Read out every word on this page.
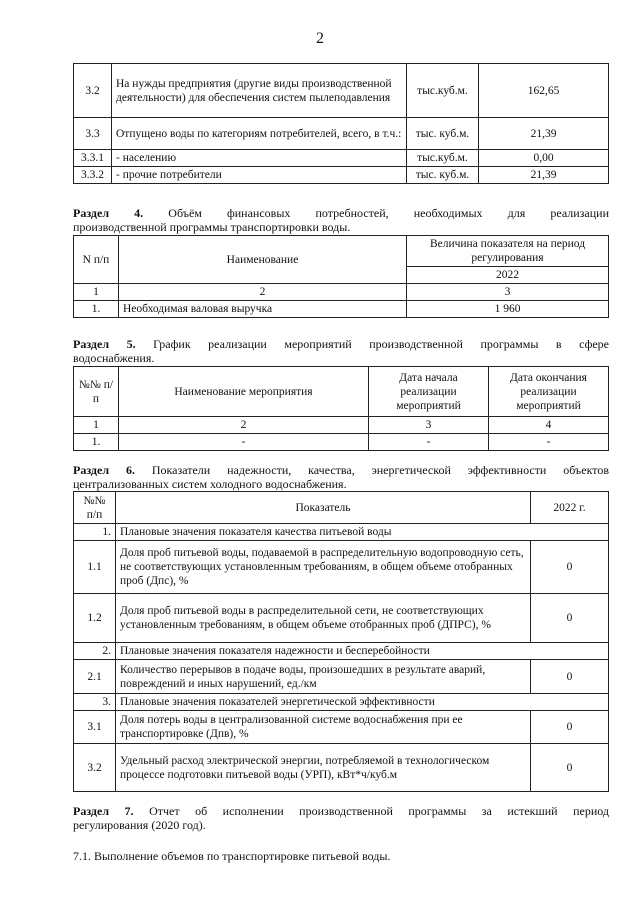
2
3.2	На нужды предприятия (другие виды производственной деятельности) для обеспечения систем пылеподавления	тыс.куб.м.	162,65
3.3	Отпущено воды по категориям потребителей, всего, в т.ч.:	тыс. куб.м.	21,39
3.3.1	- населению	тыс.куб.м.	0,00
3.3.2	- прочие потребители	тыс. куб.м.	21,39
Раздел 4. Объём финансовых потребностей, необходимых для реализации
производственной программы транспортировки воды.
N п/п	Наименование	Величина показателя на период регулирования
		2022
1	2	3
1.	Необходимая валовая выручка	1 960
Раздел 5. График реализации мероприятий производственной программы в сфере
водоснабжения.
№№ п/п	Наименование мероприятия	Дата начала реализации мероприятий	Дата окончания реализации мероприятий
1	2	3	4
1.	-	-	-
Раздел 6. Показатели надежности, качества, энергетической эффективности объектов
централизованных систем холодного водоснабжения.
№№ п/п	Показатель	2022 г.
1.	Плановые значения показателя качества питьевой воды	
1.1	Доля проб питьевой воды, подаваемой в распределительную водопроводную сеть, не соответствующих установленным требованиям, в общем объеме отобранных проб (Дпс), %	0
1.2	Доля проб питьевой воды в распределительной сети, не соответствующих установленным требованиям, в общем объеме отобранных проб (ДПРС), %	0
2.	Плановые значения показателя надежности и бесперебойности	
2.1	Количество перерывов в подаче воды, произошедших в результате аварий, повреждений и иных нарушений, ед./км	0
3.	Плановые значения показателей энергетической эффективности	
3.1	Доля потерь воды в централизованной системе водоснабжения при ее транспортировке (Дпв), %	0
3.2	Удельный расход электрической энергии, потребляемой в технологическом процессе подготовки питьевой воды (УРП), кВт*ч/куб.м	0
Раздел 7. Отчет об исполнении производственной программы за истекший период
регулирования (2020 год).
7.1. Выполнение объемов по транспортировке питьевой воды.
